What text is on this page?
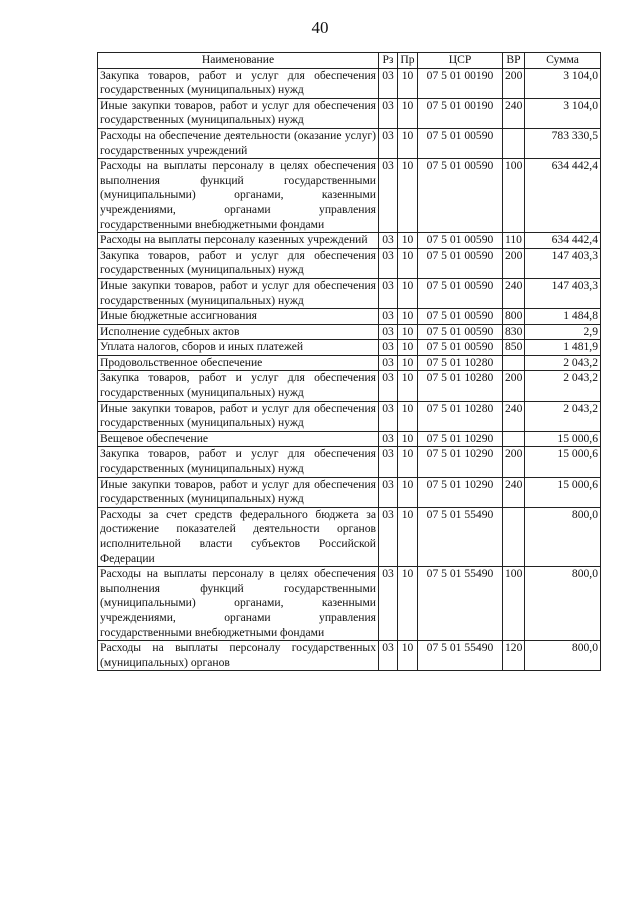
40
Наименование	Рз	Пр	ЦСР	ВР	Сумма
Закупка товаров, работ и услуг для обеспечения государственных (муниципальных) нужд	03	10	07 5 01 00190	200	3 104,0
Иные закупки товаров, работ и услуг для обеспечения государственных (муниципальных) нужд	03	10	07 5 01 00190	240	3 104,0
Расходы на обеспечение деятельности (оказание услуг) государственных учреждений	03	10	07 5 01 00590		783 330,5
Расходы на выплаты персоналу в целях обеспечения выполнения функций государственными (муниципальными) органами, казенными учреждениями, органами управления государственными внебюджетными фондами	03	10	07 5 01 00590	100	634 442,4
Расходы на выплаты персоналу казенных учреждений	03	10	07 5 01 00590	110	634 442,4
Закупка товаров, работ и услуг для обеспечения государственных (муниципальных) нужд	03	10	07 5 01 00590	200	147 403,3
Иные закупки товаров, работ и услуг для обеспечения государственных (муниципальных) нужд	03	10	07 5 01 00590	240	147 403,3
Иные бюджетные ассигнования	03	10	07 5 01 00590	800	1 484,8
Исполнение судебных актов	03	10	07 5 01 00590	830	2,9
Уплата налогов, сборов и иных платежей	03	10	07 5 01 00590	850	1 481,9
Продовольственное обеспечение	03	10	07 5 01 10280		2 043,2
Закупка товаров, работ и услуг для обеспечения государственных (муниципальных) нужд	03	10	07 5 01 10280	200	2 043,2
Иные закупки товаров, работ и услуг для обеспечения государственных (муниципальных) нужд	03	10	07 5 01 10280	240	2 043,2
Вещевое обеспечение	03	10	07 5 01 10290		15 000,6
Закупка товаров, работ и услуг для обеспечения государственных (муниципальных) нужд	03	10	07 5 01 10290	200	15 000,6
Иные закупки товаров, работ и услуг для обеспечения государственных (муниципальных) нужд	03	10	07 5 01 10290	240	15 000,6
Расходы за счет средств федерального бюджета за достижение показателей деятельности органов исполнительной власти субъектов Российской Федерации	03	10	07 5 01 55490		800,0
Расходы на выплаты персоналу в целях обеспечения выполнения функций государственными (муниципальными) органами, казенными учреждениями, органами управления государственными внебюджетными фондами	03	10	07 5 01 55490	100	800,0
Расходы на выплаты персоналу государственных (муниципальных) органов	03	10	07 5 01 55490	120	800,0
